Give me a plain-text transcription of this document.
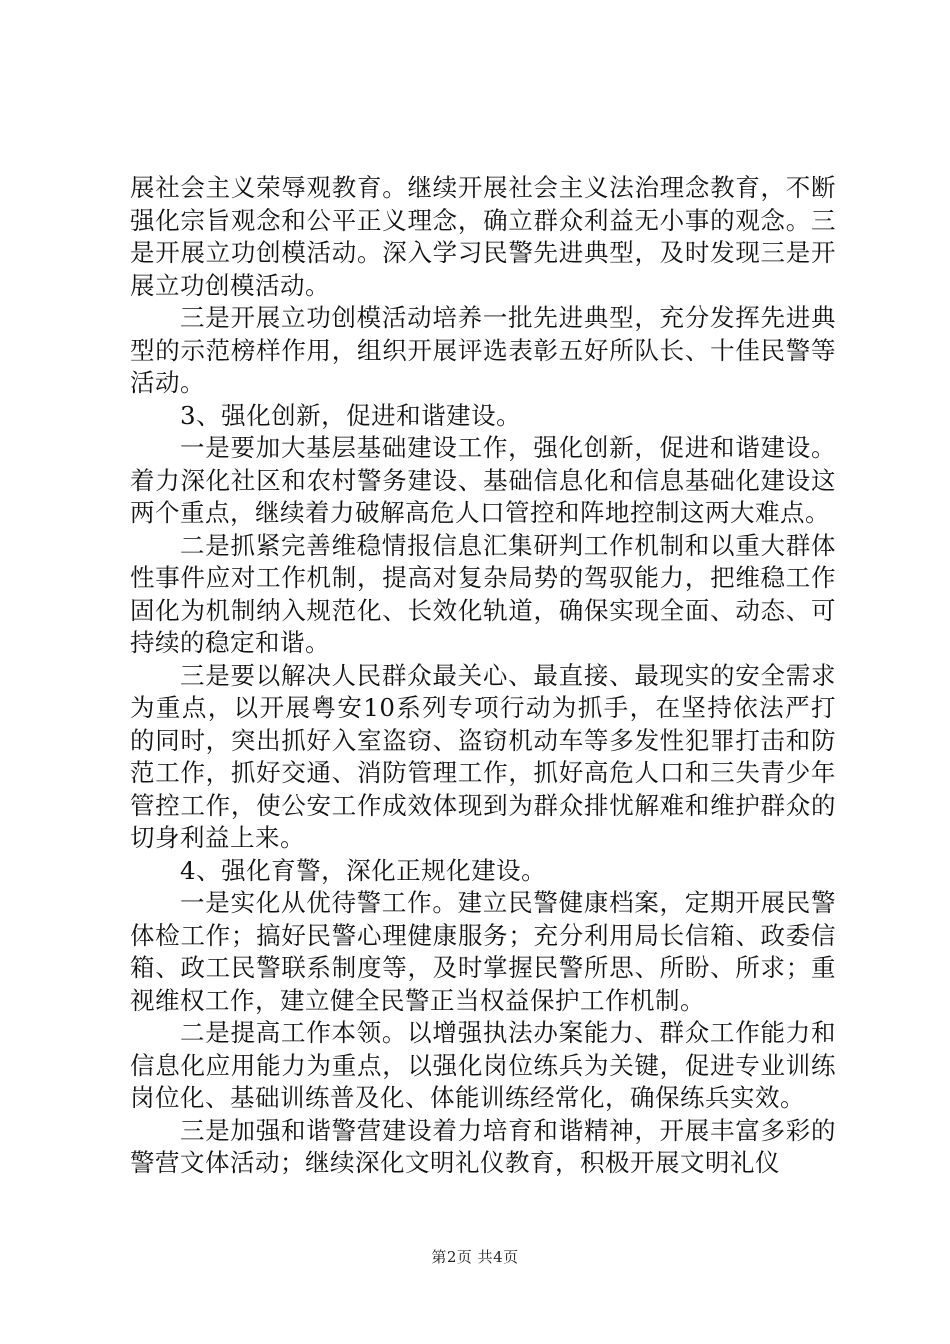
展社会主义荣辱观教育。继续开展社会主义法治理念教育，不断强化宗旨观念和公平正义理念，确立群众利益无小事的观念。三是开展立功创模活动。深入学习民警先进典型，及时发现三是开展立功创模活动。

三是开展立功创模活动培养一批先进典型，充分发挥先进典型的示范榜样作用，组织开展评选表彰五好所队长、十佳民警等活动。

3、强化创新，促进和谐建设。

一是要加大基层基础建设工作，强化创新，促进和谐建设。着力深化社区和农村警务建设、基础信息化和信息基础化建设这两个重点，继续着力破解高危人口管控和阵地控制这两大难点。

二是抓紧完善维稳情报信息汇集研判工作机制和以重大群体性事件应对工作机制，提高对复杂局势的驾驭能力，把维稳工作固化为机制纳入规范化、长效化轨道，确保实现全面、动态、可持续的稳定和谐。

三是要以解决人民群众最关心、最直接、最现实的安全需求为重点，以开展粤安10系列专项行动为抓手，在坚持依法严打的同时，突出抓好入室盗窃、盗窃机动车等多发性犯罪打击和防范工作，抓好交通、消防管理工作，抓好高危人口和三失青少年管控工作，使公安工作成效体现到为群众排忧解难和维护群众的切身利益上来。

4、强化育警，深化正规化建设。

一是实化从优待警工作。建立民警健康档案，定期开展民警体检工作；搞好民警心理健康服务；充分利用局长信箱、政委信箱、政工民警联系制度等，及时掌握民警所思、所盼、所求；重视维权工作，建立健全民警正当权益保护工作机制。

二是提高工作本领。以增强执法办案能力、群众工作能力和信息化应用能力为重点，以强化岗位练兵为关键，促进专业训练岗位化、基础训练普及化、体能训练经常化，确保练兵实效。

三是加强和谐警营建设着力培育和谐精神，开展丰富多彩的警营文体活动；继续深化文明礼仪教育，积极开展文明礼仪

第2页 共4页
